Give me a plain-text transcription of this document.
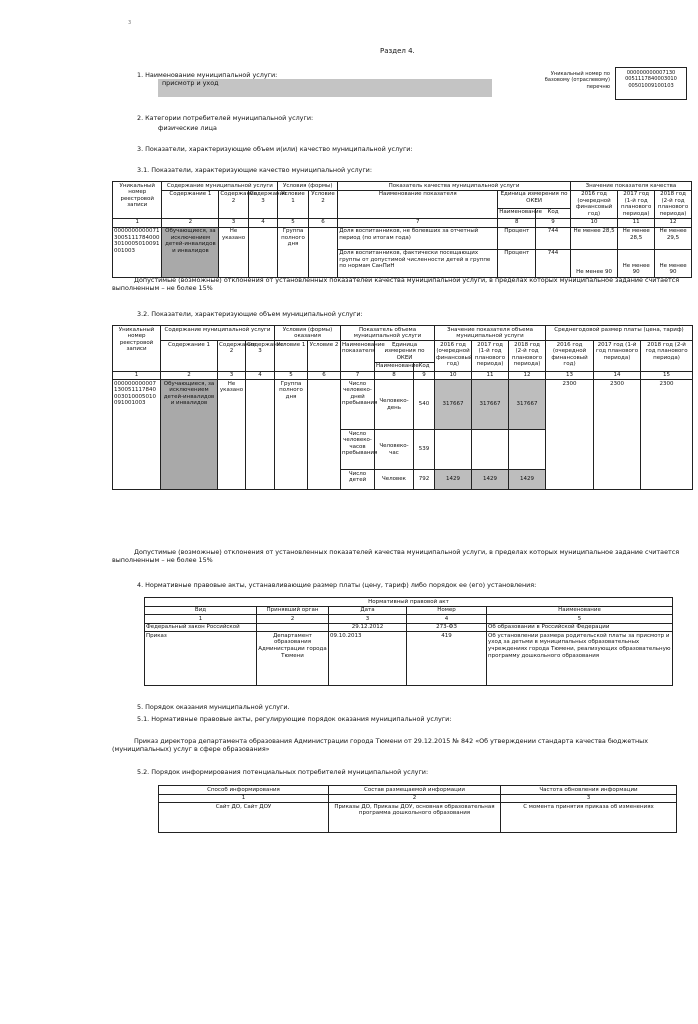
3
Раздел 4.
1. Наименование муниципальной услуги:
присмотр и уход
Уникальный номер по базовому (отраслевому) перечню
000000000007130
0051117840003010
00501009100103
2. Категории потребителей муниципальной услуги:
физические лица
3. Показатели, характеризующие объем и(или) качество муниципальной услуги:
3.1. Показатели, характеризующие качество муниципальной услуги:
Уникальный номер реестровой записи	Содержание муниципальной услуги			Условия (формы)		Показатель качества муниципальной услуги			Значение показателя качества		
	Содержание 1	Содержание 2	Содержание 3	Условие 1	Условие 2	Наименование показателя	Единица измерения по ОКЕИ		2016 год (очередной финансовый год)	2017 год (1-й год планового периода)	2018 год (2-й год планового периода)
							Наименование	Код			
1	2	3	4	5	6	7	8	9	10	11	12
000000000007130051117840003010005010091001003	Обучающиеся, за исключением детей-инвалидов и инвалидов	Не указано		Группа полного дня		Доля воспитанников, не болевших за отчетный период (по итогам года)	Процент	744	Не менее 28,5	Не менее 28,5	Не менее 29,5
						Доля воспитанников, фактически посещающих группы от допустимой численности детей в группе по нормам СанПиН	Процент	744	Не менее 90	Не менее 90	Не менее 90
Допустимые (возможные) отклонения от установленных показателей качества муниципальной услуги, в пределах которых муниципальное задание считается выполненным – не более 15%
3.2. Показатели, характеризующие объем муниципальной услуги:
Уникальный номер реестровой записи	Содержание муниципальной услуги			Условия (формы) оказания		Показатель объема муниципальной услуги			Значение показателя объема муниципальной услуги			Среднегодовой размер платы (цена, тариф)		
	Содержание 1	Содержание 2	Содержание 3	Условие 1	Условие 2	Наименование показателя	Единица измерения по ОКЕИ		2016 год (очередной финансовый год)	2017 год (1-й год планового периода)	2018 год (2-й год планового периода)	2016 год (очередной финансовый год)	2017 год (1-й год планового периода)	2018 год (2-й год планового периода)
							Наименование	Код						
1	2	3	4	5	6	7	8	9	10	11	12	13	14	15
000000000007130051117840003010005010091001003	Обучающиеся, за исключением детей-инвалидов и инвалидов	Не указано		Группа полного дня		Число человеко-дней пребывания	Человеко-день	540	317667	317667	317667	2300	2300	2300
						Число человеко-часов пребывания	Человеко-час	539						
						Число детей	Человек	792	1429	1429	1429			
Допустимые (возможные) отклонения от установленных показателей качества муниципальной услуги, в пределах которых муниципальное задание считается выполненным – не более 15%
4. Нормативные правовые акты, устанавливающие размер платы (цену, тариф) либо порядок ее (его) установления:
Нормативный правовой акт				
Вид	Принявший орган	Дата	Номер	Наименование
1	2	3	4	5
Федеральный закон Российской		29.12.2012	273-ФЗ	Об образовании в Российской Федерации
Приказ	Департамент образования Администрации города Тюмени	09.10.2013	419	Об установлении размера родительской платы за присмотр и уход за детьми в муниципальных образовательных учреждениях города Тюмени, реализующих образовательную программу дошкольного образования
5. Порядок оказания муниципальной услуги.
5.1. Нормативные правовые акты, регулирующие порядок оказания муниципальной услуги:
Приказ директора департамента образования Администрации города Тюмени от 29.12.2015 № 842 «Об утверждении стандарта качества бюджетных (муниципальных) услуг в сфере образования»
5.2. Порядок информирования потенциальных потребителей муниципальной услуги:
Способ информирования	Состав размещаемой информации	Частота обновления информации
1	2	3
Сайт ДО, Сайт ДОУ	Приказы ДО, Приказы ДОУ, основная образовательная программа дошкольного образования	С момента принятия приказа об изменениях
